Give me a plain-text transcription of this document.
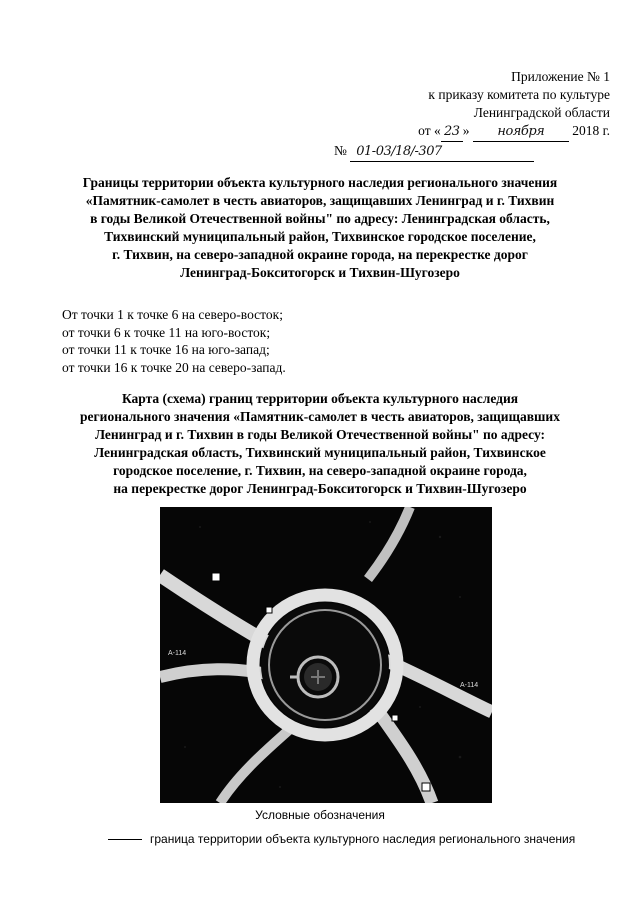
Приложение № 1
к приказу комитета по культуре
Ленинградской области
от « 23 » ноября 2018 г.
№ 01-03/18/-307
Границы территории объекта культурного наследия регионального значения
«Памятник-самолет в честь авиаторов, защищавших Ленинград и г. Тихвин
в годы Великой Отечественной войны" по адресу: Ленинградская область,
Тихвинский муниципальный район, Тихвинское городское поселение,
г. Тихвин, на северо-западной окраине города, на перекрестке дорог
Ленинград-Бокситогорск и Тихвин-Шугозеро
От точки 1 к точке 6 на северо-восток;
от точки 6 к точке 11 на юго-восток;
от точки 11 к точке 16 на юго-запад;
от точки 16 к точке 20 на северо-запад.
Карта (схема) границ территории объекта культурного наследия
регионального значения «Памятник-самолет в честь авиаторов, защищавших
Ленинград и г. Тихвин в годы Великой Отечественной войны" по адресу:
Ленинградская область, Тихвинский муниципальный район, Тихвинское
городское поселение, г. Тихвин, на северо-западной окраине города,
на перекрестке дорог Ленинград-Бокситогорск и Тихвин-Шугозеро
А-114
А-114
Условные обозначения
граница территории объекта культурного наследия регионального значения
